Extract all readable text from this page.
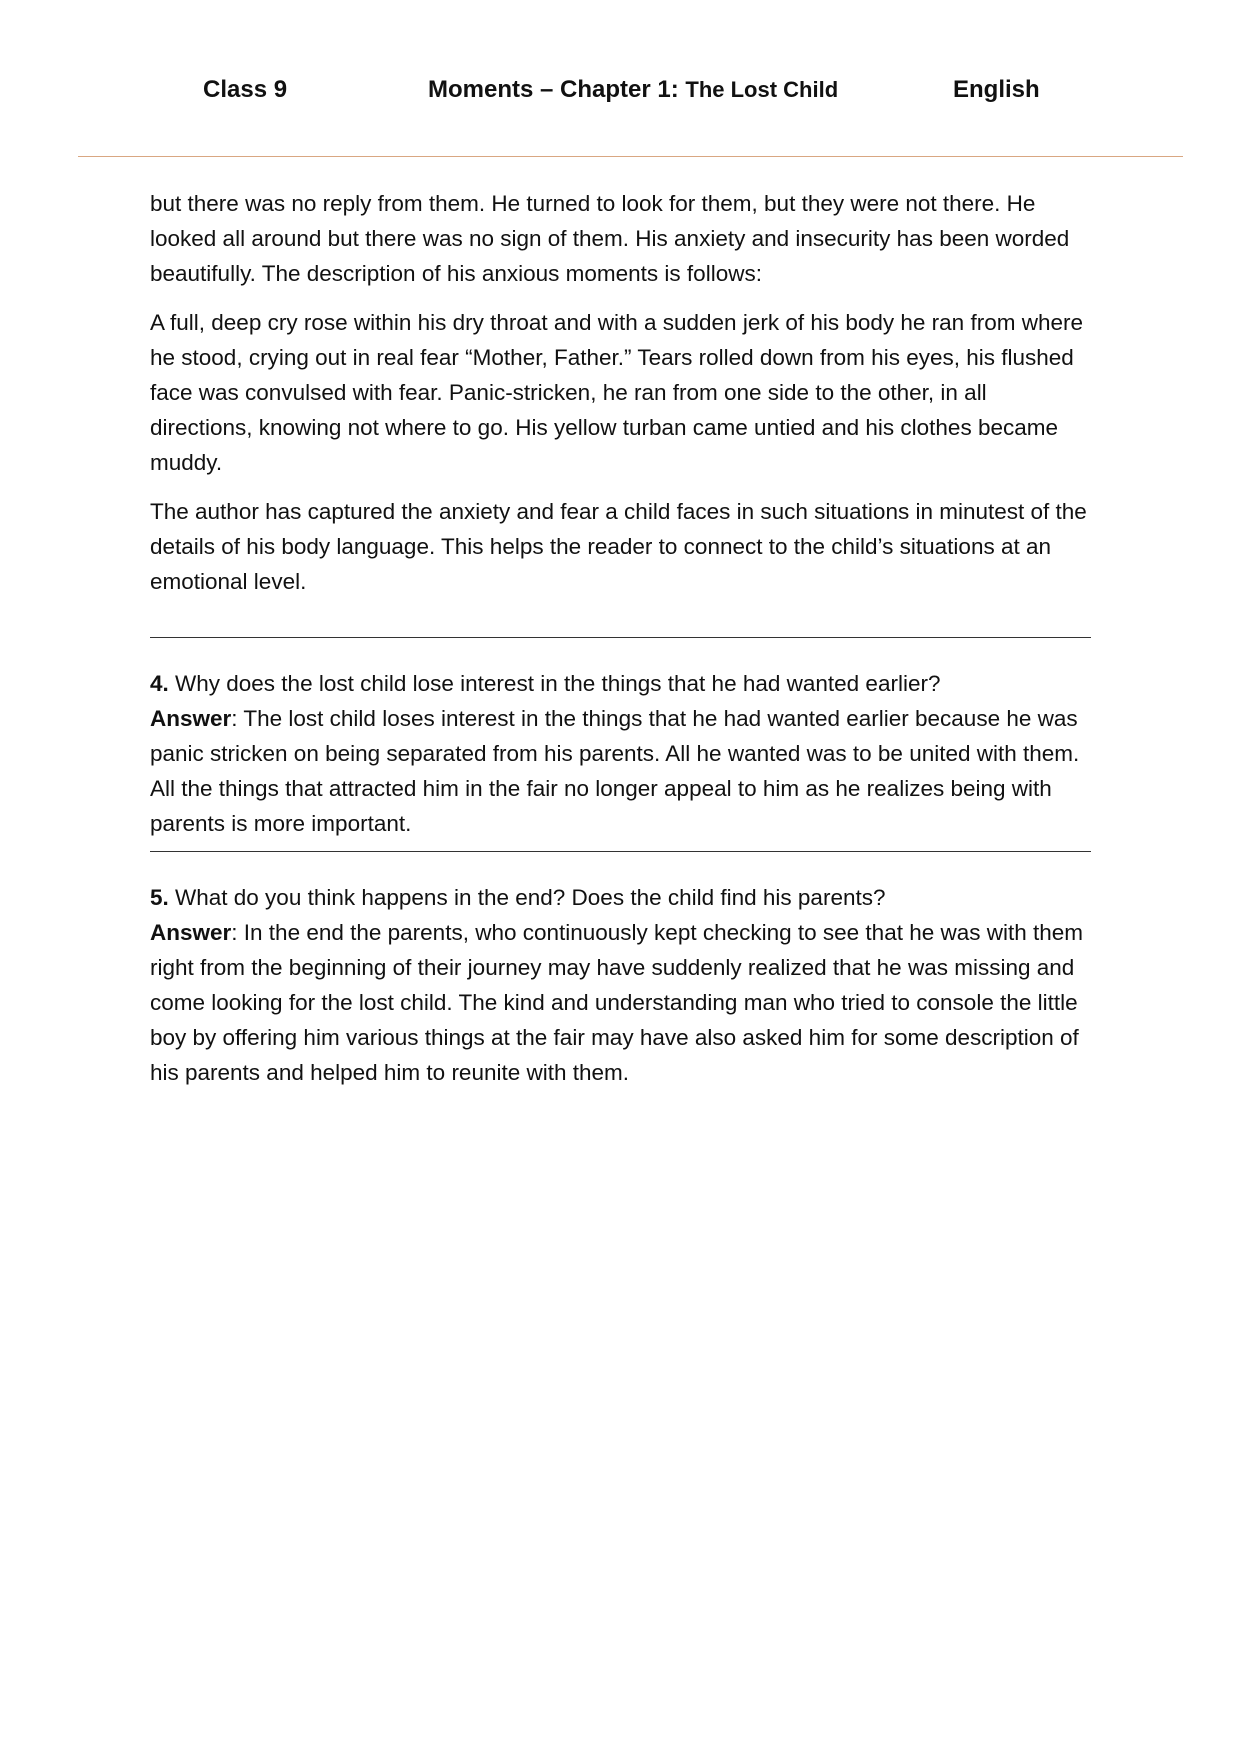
Class 9	Moments – Chapter 1: The Lost Child	English

but there was no reply from them. He turned to look for them, but they were not there. He looked all around but there was no sign of them. His anxiety and insecurity has been worded beautifully. The description of his anxious moments is follows:

A full, deep cry rose within his dry throat and with a sudden jerk of his body he ran from where he stood, crying out in real fear “Mother, Father.” Tears rolled down from his eyes, his flushed face was convulsed with fear. Panic-stricken, he ran from one side to the other, in all directions, knowing not where to go. His yellow turban came untied and his clothes became muddy.

The author has captured the anxiety and fear a child faces in such situations in minutest of the details of his body language. This helps the reader to connect to the child’s situations at an emotional level.

4. Why does the lost child lose interest in the things that he had wanted earlier?

Answer: The lost child loses interest in the things that he had wanted earlier because he was panic stricken on being separated from his parents. All he wanted was to be united with them. All the things that attracted him in the fair no longer appeal to him as he realizes being with parents is more important.

5. What do you think happens in the end? Does the child find his parents?

Answer: In the end the parents, who continuously kept checking to see that he was with them right from the beginning of their journey may have suddenly realized that he was missing and come looking for the lost child. The kind and understanding man who tried to console the little boy by offering him various things at the fair may have also asked him for some description of his parents and helped him to reunite with them.
